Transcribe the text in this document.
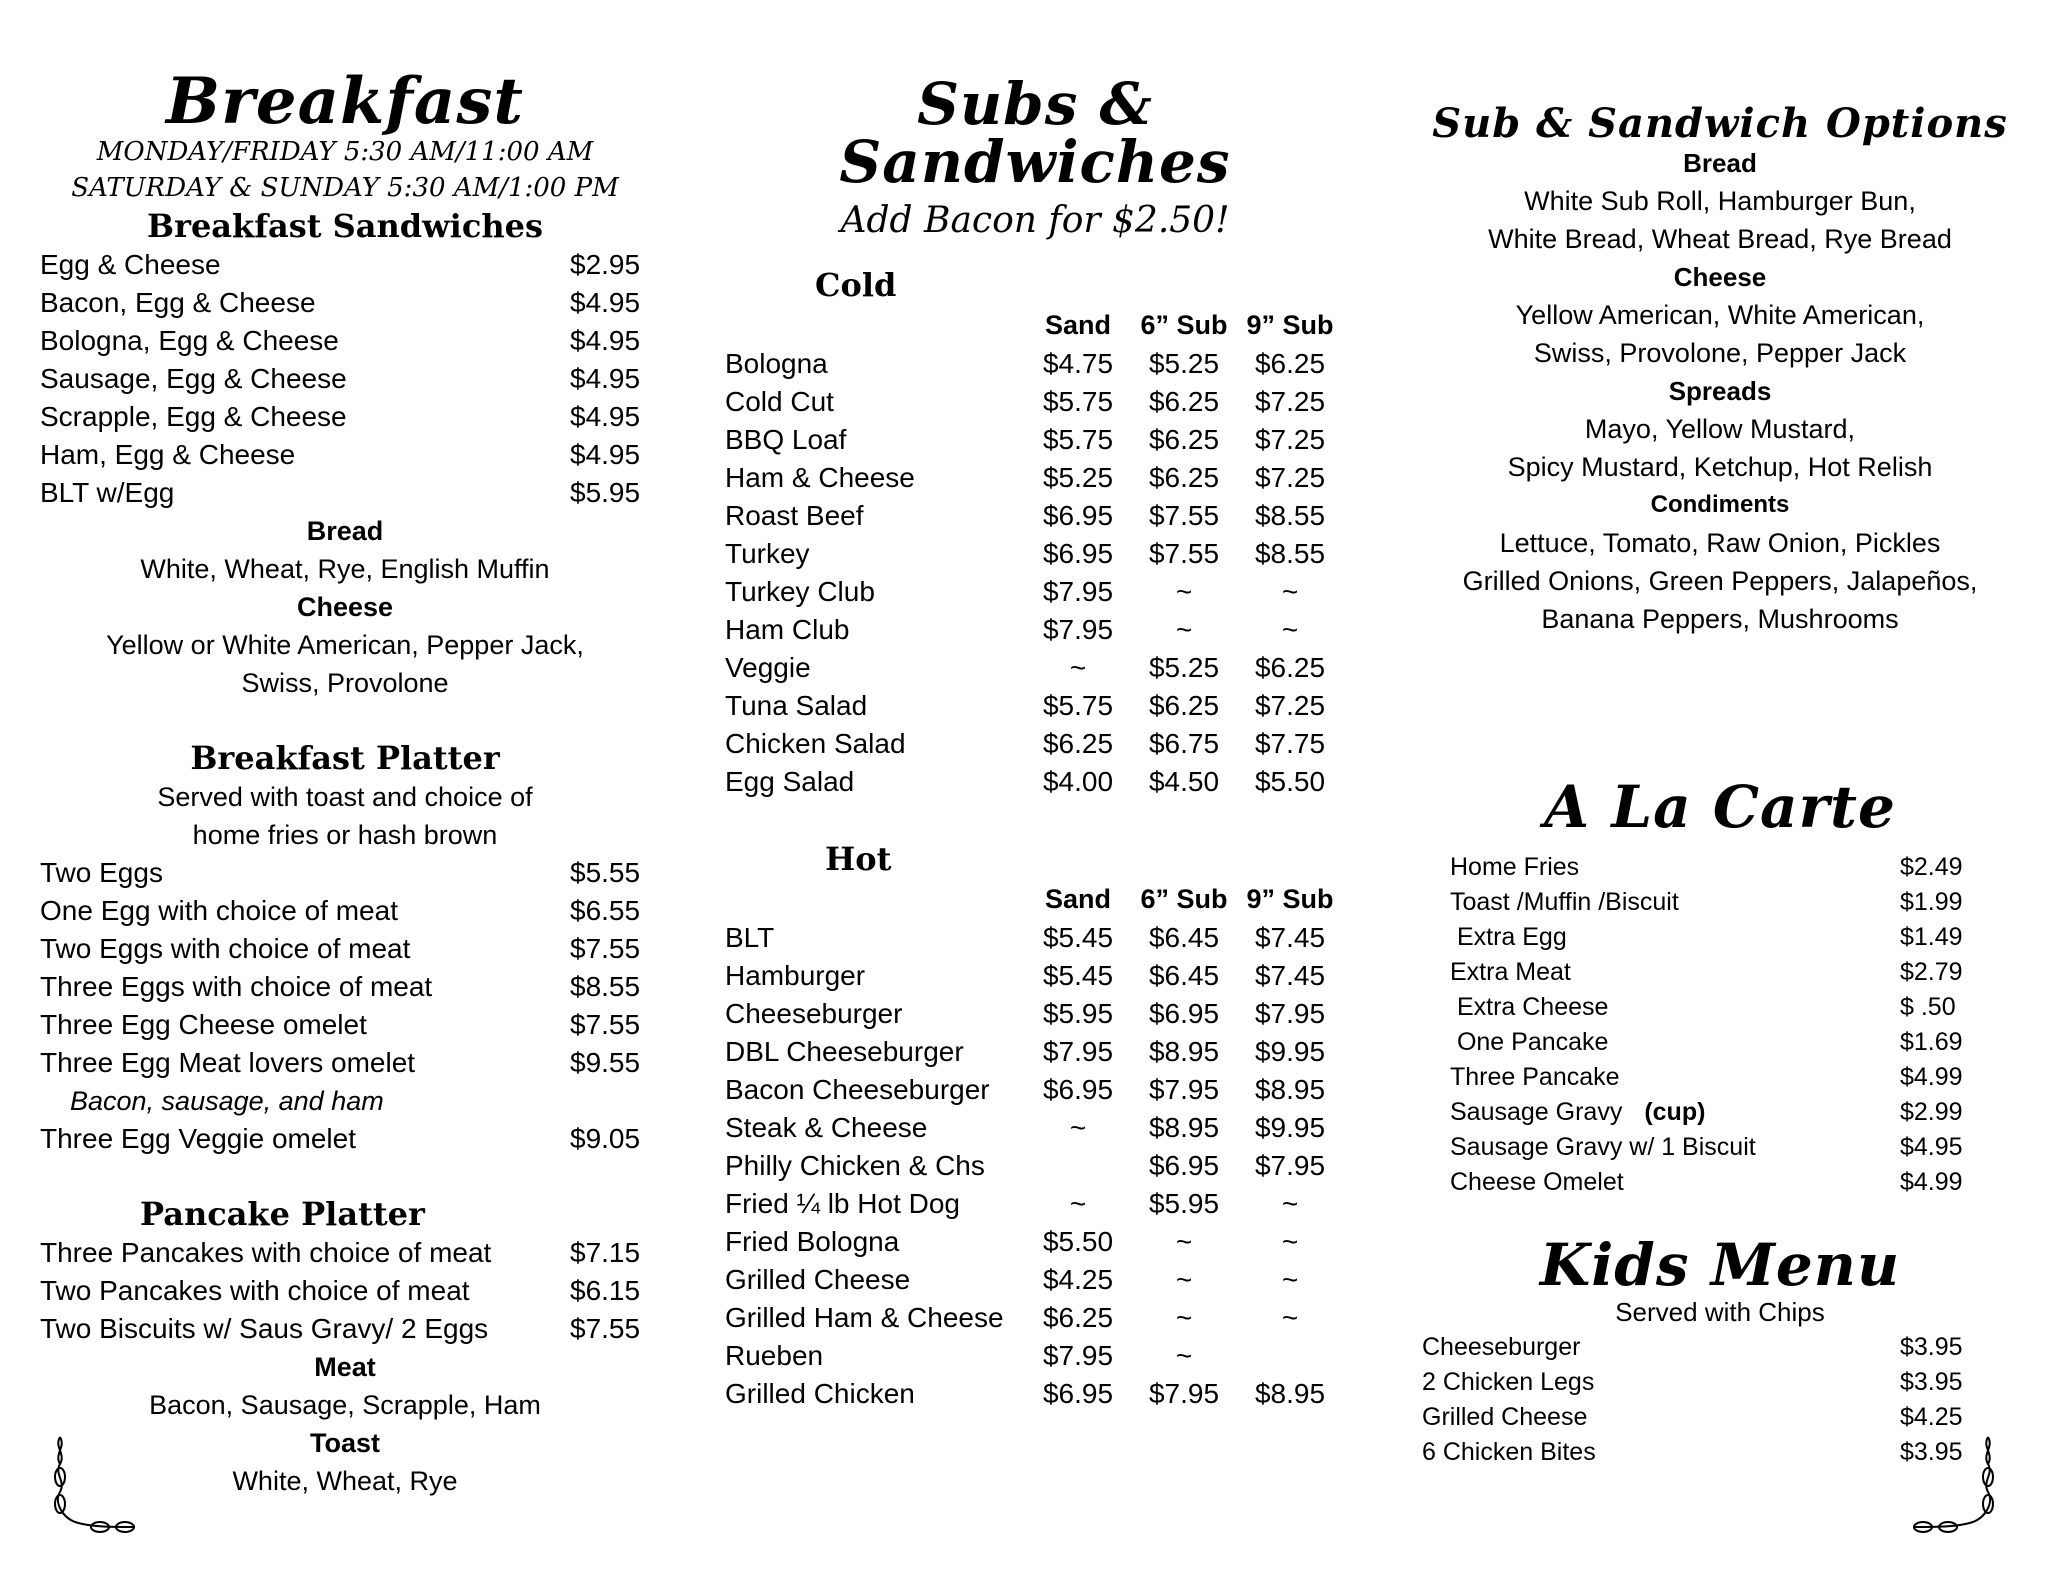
Breakfast

MONDAY/FRIDAY 5:30 AM/11:00 AM

SATURDAY & SUNDAY 5:30 AM/1:00 PM

Breakfast Sandwiches
Egg & Cheese	$2.95
Bacon, Egg & Cheese	$4.95
Bologna, Egg & Cheese	$4.95
Sausage, Egg & Cheese	$4.95
Scrapple, Egg & Cheese	$4.95
Ham, Egg & Cheese	$4.95
BLT w/Egg	$5.95

Bread

White, Wheat, Rye, English Muffin

Cheese

Yellow or White American, Pepper Jack,

Swiss, Provolone

Breakfast Platter

Served with toast and choice of

home fries or hash brown

Two Eggs	$5.55
One Egg with choice of meat	$6.55
Two Eggs with choice of meat	$7.55
Three Eggs with choice of meat	$8.55
Three Egg Cheese omelet	$7.55
Three Egg Meat lovers omelet	$9.55
Bacon, sausage, and ham
Three Egg Veggie omelet	$9.05
Pancake Platter
Three Pancakes with choice of meat	$7.15
Two Pancakes with choice of meat	$6.15
Two Biscuits w/ Saus Gravy/ 2 Eggs	$7.55

Meat

Bacon, Sausage, Scrapple, Ham

Toast

White, Wheat, Rye

Subs & Sandwiches

Add Bacon for $2.50!

Cold
	Sand	6” Sub	9” Sub
Bologna	$4.75	$5.25	$6.25
Cold Cut	$5.75	$6.25	$7.25
BBQ Loaf	$5.75	$6.25	$7.25
Ham & Cheese	$5.25	$6.25	$7.25
Roast Beef	$6.95	$7.55	$8.55
Turkey	$6.95	$7.55	$8.55
Turkey Club	$7.95	~	~
Ham Club	$7.95	~	~
Veggie	~	$5.25	$6.25
Tuna Salad	$5.75	$6.25	$7.25
Chicken Salad	$6.25	$6.75	$7.75
Egg Salad	$4.00	$4.50	$5.50
Hot
	Sand	6” Sub	9” Sub
BLT	$5.45	$6.45	$7.45
Hamburger	$5.45	$6.45	$7.45
Cheeseburger	$5.95	$6.95	$7.95
DBL Cheeseburger	$7.95	$8.95	$9.95
Bacon Cheeseburger	$6.95	$7.95	$8.95
Steak & Cheese	~	$8.95	$9.95
Philly Chicken & Chs		$6.95	$7.95
Fried ¼ lb Hot Dog	~	$5.95	~
Fried Bologna	$5.50	~	~
Grilled Cheese	$4.25	~	~
Grilled Ham & Cheese	$6.25	~	~
Rueben	$7.95	~	
Grilled Chicken	$6.95	$7.95	$8.95
Sub & Sandwich Options

Bread

White Sub Roll, Hamburger Bun,

White Bread, Wheat Bread, Rye Bread

Cheese

Yellow American, White American,

Swiss, Provolone, Pepper Jack

Spreads

Mayo, Yellow Mustard,

Spicy Mustard, Ketchup, Hot Relish

Condiments

Lettuce, Tomato, Raw Onion, Pickles

Grilled Onions, Green Peppers, Jalapeños,

Banana Peppers, Mushrooms

A La Carte
Home Fries	$2.49
Toast /Muffin /Biscuit	$1.99
Extra Egg	$1.49
Extra Meat	$2.79
Extra Cheese	$ .50
One Pancake	$1.69
Three Pancake	$4.99
Sausage Gravy (cup)	$2.99
Sausage Gravy w/ 1 Biscuit	$4.95
Cheese Omelet	$4.99
Kids Menu

Served with Chips

Cheeseburger	$3.95
2 Chicken Legs	$3.95
Grilled Cheese	$4.25
6 Chicken Bites	$3.95
